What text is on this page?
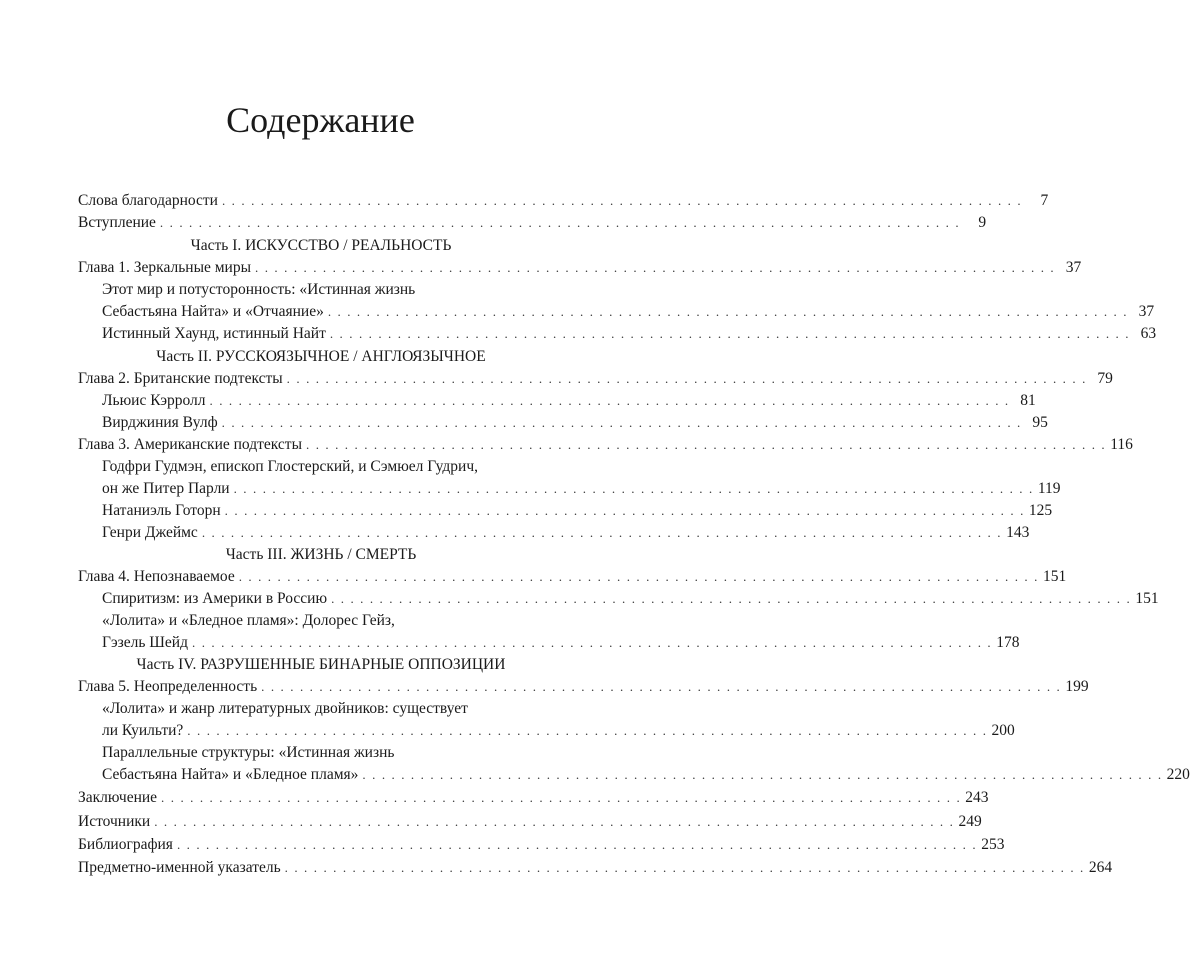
Содержание
Слова благодарности . . . . . . . . . . . . . . . . . . . . . . . . . . . . . . . . . . . . . . . . . . . . . . . . . . . . . . . . . . . . . . . . . . . . . . . . . . . . . . . . . . .	7
Вступление . . . . . . . . . . . . . . . . . . . . . . . . . . . . . . . . . . . . . . . . . . . . . . . . . . . . . . . . . . . . . . . . . . . . . . . . . . . . . . . . . . .	9
Часть I. ИСКУССТВО / РЕАЛЬНОСТЬ
Глава 1. Зеркальные миры . . . . . . . . . . . . . . . . . . . . . . . . . . . . . . . . . . . . . . . . . . . . . . . . . . . . . . . . . . . . . . . . . . . . . . . . . . . . . . . . . . . 37
Этот мир и потусторонность: «Истинная жизнь
Себастьяна Найта» и «Отчаяние» . . . . . . . . . . . . . . . . . . . . . . . . . . . . . . . . . . . . . . . . . . . . . . . . . . . . . . . . . . . . . . . . . . . . . . . . . . . . . . . . . . . 37
Истинный Хаунд, истинный Найт . . . . . . . . . . . . . . . . . . . . . . . . . . . . . . . . . . . . . . . . . . . . . . . . . . . . . . . . . . . . . . . . . . . . . . . . . . . . . . . . . . . 63
Часть II. РУССКОЯЗЫЧНОЕ / АНГЛОЯЗЫЧНОЕ
Глава 2. Британские подтексты . . . . . . . . . . . . . . . . . . . . . . . . . . . . . . . . . . . . . . . . . . . . . . . . . . . . . . . . . . . . . . . . . . . . . . . . . . . . . . . . . . . 79
Льюис Кэрролл . . . . . . . . . . . . . . . . . . . . . . . . . . . . . . . . . . . . . . . . . . . . . . . . . . . . . . . . . . . . . . . . . . . . . . . . . . . . . . . . . . . 81
Вирджиния Вулф . . . . . . . . . . . . . . . . . . . . . . . . . . . . . . . . . . . . . . . . . . . . . . . . . . . . . . . . . . . . . . . . . . . . . . . . . . . . . . . . . . . 95
Глава 3. Американские подтексты . . . . . . . . . . . . . . . . . . . . . . . . . . . . . . . . . . . . . . . . . . . . . . . . . . . . . . . . . . . . . . . . . . . . . . . . . . . . . . . . . . . 116
Годфри Гудмэн, епископ Глостерский, и Сэмюел Гудрич,
он же Питер Парли . . . . . . . . . . . . . . . . . . . . . . . . . . . . . . . . . . . . . . . . . . . . . . . . . . . . . . . . . . . . . . . . . . . . . . . . . . . . . . . . . . . 119
Натаниэль Готорн . . . . . . . . . . . . . . . . . . . . . . . . . . . . . . . . . . . . . . . . . . . . . . . . . . . . . . . . . . . . . . . . . . . . . . . . . . . . . . . . . . . 125
Генри Джеймс . . . . . . . . . . . . . . . . . . . . . . . . . . . . . . . . . . . . . . . . . . . . . . . . . . . . . . . . . . . . . . . . . . . . . . . . . . . . . . . . . . . 143
Часть III. ЖИЗНЬ / СМЕРТЬ
Глава 4. Непознаваемое . . . . . . . . . . . . . . . . . . . . . . . . . . . . . . . . . . . . . . . . . . . . . . . . . . . . . . . . . . . . . . . . . . . . . . . . . . . . . . . . . . . 151
Спиритизм: из Америки в Россию . . . . . . . . . . . . . . . . . . . . . . . . . . . . . . . . . . . . . . . . . . . . . . . . . . . . . . . . . . . . . . . . . . . . . . . . . . . . . . . . . . . 151
«Лолита» и «Бледное пламя»: Долорес Гейз,
Гэзель Шейд . . . . . . . . . . . . . . . . . . . . . . . . . . . . . . . . . . . . . . . . . . . . . . . . . . . . . . . . . . . . . . . . . . . . . . . . . . . . . . . . . . . 178
Часть IV. РАЗРУШЕННЫЕ БИНАРНЫЕ ОППОЗИЦИИ
Глава 5. Неопределенность . . . . . . . . . . . . . . . . . . . . . . . . . . . . . . . . . . . . . . . . . . . . . . . . . . . . . . . . . . . . . . . . . . . . . . . . . . . . . . . . . . . 199
«Лолита» и жанр литературных двойников: существует
ли Куильти? . . . . . . . . . . . . . . . . . . . . . . . . . . . . . . . . . . . . . . . . . . . . . . . . . . . . . . . . . . . . . . . . . . . . . . . . . . . . . . . . . . . 200
Параллельные структуры: «Истинная жизнь
Себастьяна Найта» и «Бледное пламя» . . . . . . . . . . . . . . . . . . . . . . . . . . . . . . . . . . . . . . . . . . . . . . . . . . . . . . . . . . . . . . . . . . . . . . . . . . . . . . . . . . . 220
Заключение . . . . . . . . . . . . . . . . . . . . . . . . . . . . . . . . . . . . . . . . . . . . . . . . . . . . . . . . . . . . . . . . . . . . . . . . . . . . . . . . . . . 243
Источники . . . . . . . . . . . . . . . . . . . . . . . . . . . . . . . . . . . . . . . . . . . . . . . . . . . . . . . . . . . . . . . . . . . . . . . . . . . . . . . . . . . 249
Библиография . . . . . . . . . . . . . . . . . . . . . . . . . . . . . . . . . . . . . . . . . . . . . . . . . . . . . . . . . . . . . . . . . . . . . . . . . . . . . . . . . . . 253
Предметно-именной указатель . . . . . . . . . . . . . . . . . . . . . . . . . . . . . . . . . . . . . . . . . . . . . . . . . . . . . . . . . . . . . . . . . . . . . . . . . . . . . . . . . . . 264
